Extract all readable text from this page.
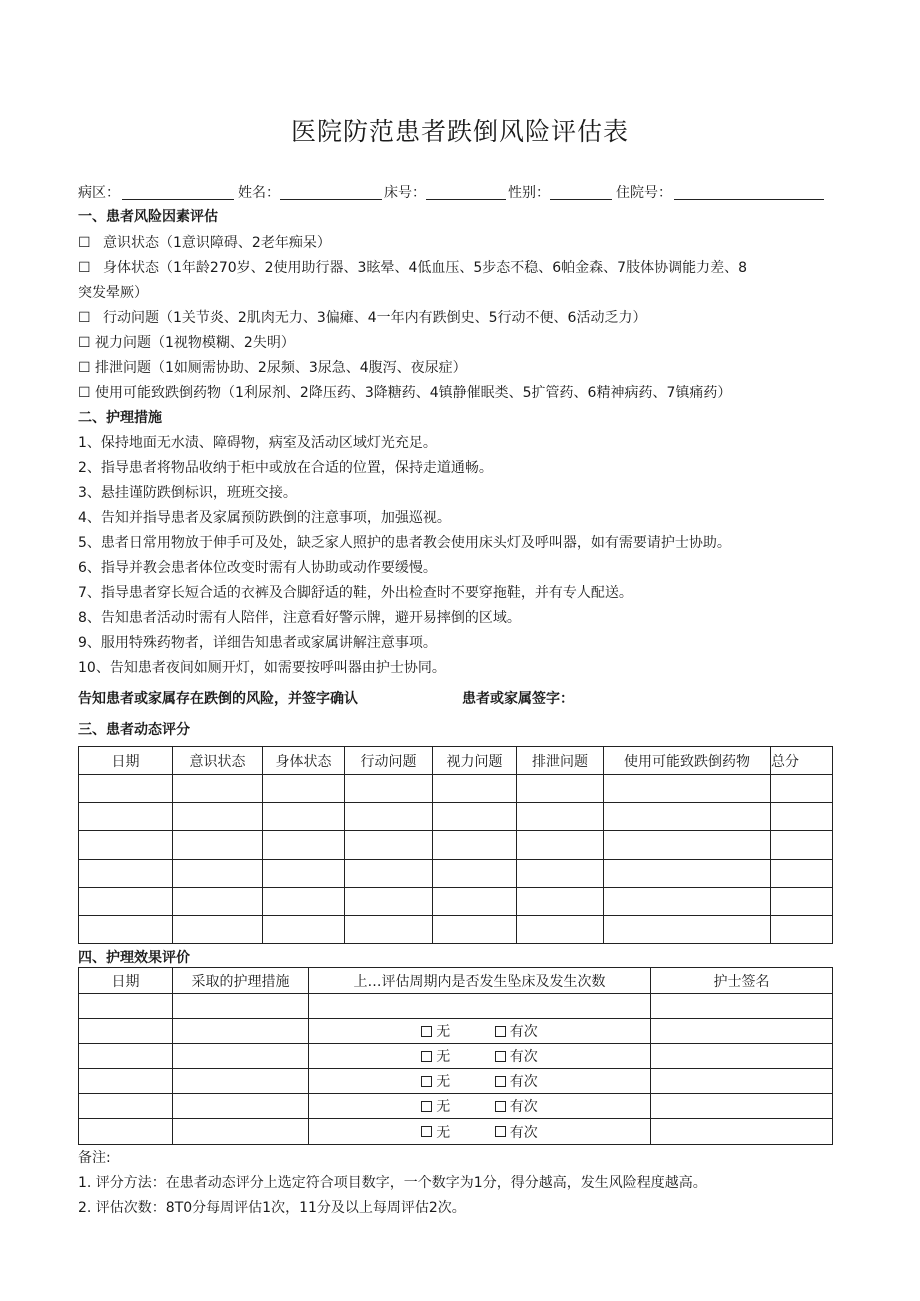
医院防范患者跌倒风险评估表
病区：	姓名：	床号：	性别：	住院号：
一、患者风险因素评估
☐ 意识状态（1意识障碍、2老年痴呆）
☐ 身体状态（1年龄270岁、2使用助行器、3眩晕、4低血压、5步态不稳、6帕金森、7肢体协调能力差、8
突发晕厥）
☐ 行动问题（1关节炎、2肌肉无力、3偏瘫、4一年内有跌倒史、5行动不便、6活动乏力）
☐ 视力问题（1视物模糊、2失明）
☐ 排泄问题（1如厕需协助、2尿频、3尿急、4腹泻、夜尿症）
☐ 使用可能致跌倒药物（1利尿剂、2降压药、3降糖药、4镇静催眠类、5扩管药、6精神病药、7镇痛药）
二、护理措施
1、保持地面无水渍、障碍物，病室及活动区域灯光充足。
2、指导患者将物品收纳于柜中或放在合适的位置，保持走道通畅。
3、悬挂谨防跌倒标识，班班交接。
4、告知并指导患者及家属预防跌倒的注意事项，加强巡视。
5、患者日常用物放于伸手可及处，缺乏家人照护的患者教会使用床头灯及呼叫器，如有需要请护士协助。
6、指导并教会患者体位改变时需有人协助或动作要缓慢。
7、指导患者穿长短合适的衣裤及合脚舒适的鞋，外出检查时不要穿拖鞋，并有专人配送。
8、告知患者活动时需有人陪伴，注意看好警示牌，避开易摔倒的区域。
9、服用特殊药物者，详细告知患者或家属讲解注意事项。
10、告知患者夜间如厕开灯，如需要按呼叫器由护士协同。
告知患者或家属存在跌倒的风险，并签字确认	患者或家属签字：
三、患者动态评分
日期	意识状态	身体状态	行动问题	视力问题	排泄问题	使用可能致跌倒药物	总分

四、护理效果评价
日期	采取的护理措施	上…评估周期内是否发生坠床及发生次数	护士签名

		无
有次	

		无
有次	

		无
有次	

		无
有次	

		无
有次	

备注:
1. 评分方法：在患者动态评分上选定符合项目数字，一个数字为1分，得分越高，发生风险程度越高。
2. 评估次数：8T0分每周评估1次，11分及以上每周评估2次。
